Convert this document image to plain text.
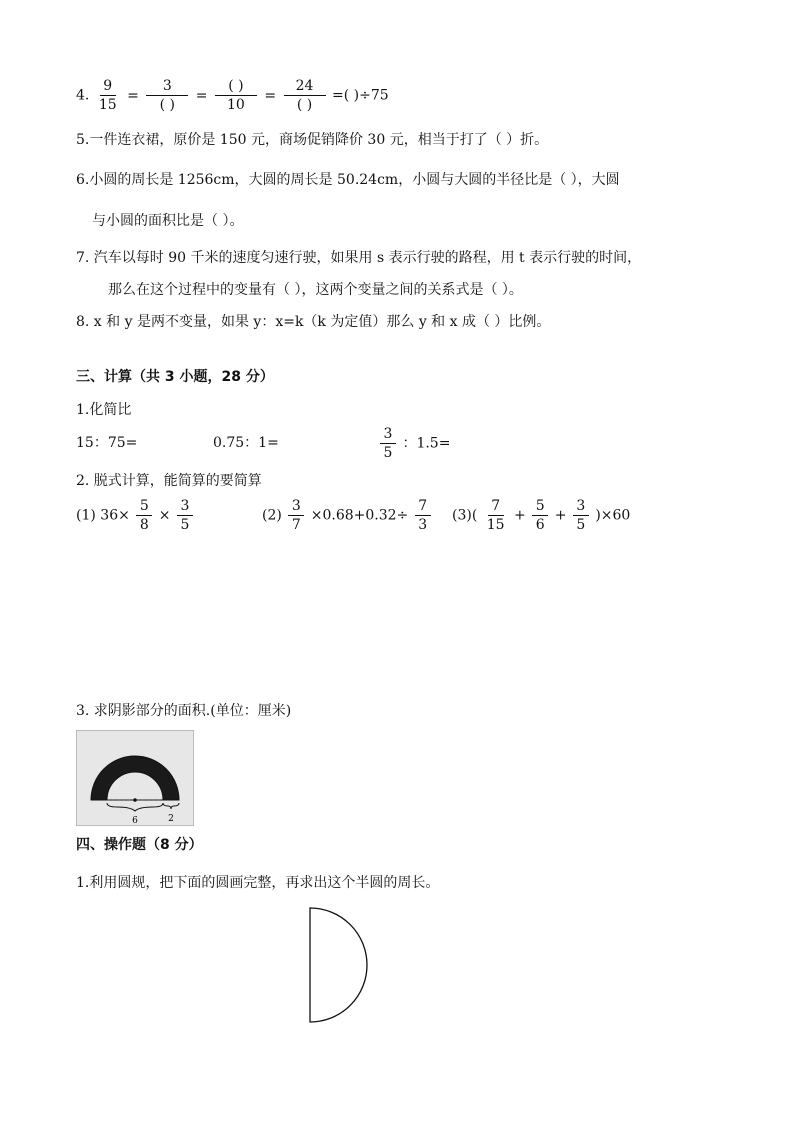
4. $\frac{9}{15} = \frac{3}{( )} = \frac{( )}{10} = \frac{24}{( )}$ =( )÷75
5.一件连衣裙，原价是 150 元，商场促销降价 30 元，相当于打了（ ）折。
6.小圆的周长是 1256cm，大圆的周长是 50.24cm，小圆与大圆的半径比是（ ），大圆
与小圆的面积比是（ ）。
7. 汽车以每时 90 千米的速度匀速行驶，如果用 s 表示行驶的路程，用 t 表示行驶的时间，
那么在这个过程中的变量有（ ），这两个变量之间的关系式是（ ）。
8. x 和 y 是两不变量，如果 y：x=k（k 为定值）那么 y 和 x 成（ ）比例。
三、计算（共 3 小题，28 分）
1.化简比
15：75=	0.75：1=	$\frac{3}{5}$ ：1.5=
2. 脱式计算，能简算的要简算
(1) $36\times \frac{5}{8} \times \frac{3}{5}$	$(2) \frac{3}{7} \times 0.68+0.32\div \frac{7}{3} (3)( \frac{7}{15} + \frac{5}{6} + \frac{3}{5} )\times 60$
3. 求阴影部分的面积.(单位：厘米)
6	2
四、操作题（8 分）
1.利用圆规，把下面的圆画完整，再求出这个半圆的周长。
